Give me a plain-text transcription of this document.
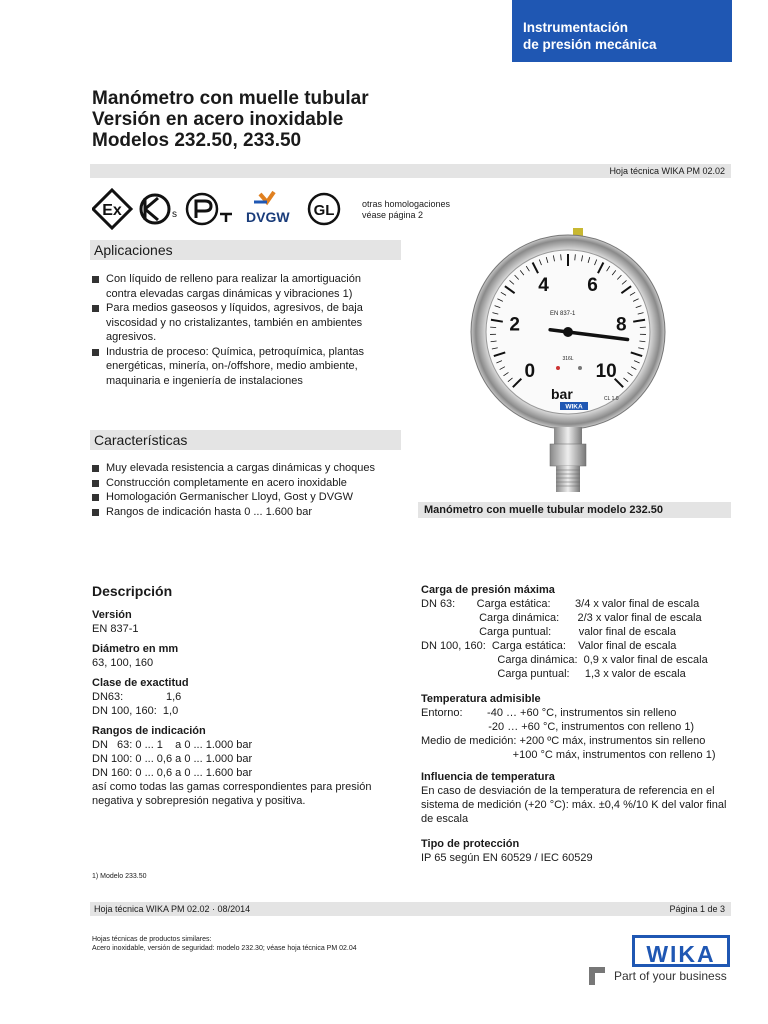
Instrumentación
de presión mecánica
Manómetro con muelle tubular
Versión en acero inoxidable
Modelos 232.50, 233.50
Hoja técnica WIKA PM 02.02
Ex	s	DVGW GL	otras homologaciones
véase página 2
Aplicaciones
Con líquido de relleno para realizar la amortiguación contra elevadas cargas dinámicas y vibraciones 1)
Para medios gaseosos y líquidos, agresivos, de baja viscosidad y no cristalizantes, también en ambientes agresivos.
Industria de proceso: Química, petroquímica, plantas energéticas, minería, on-/offshore, medio ambiente, maquinaria e ingeniería de instalaciones
Características
Muy elevada resistencia a cargas dinámicas y choques
Construcción completamente en acero inoxidable
Homologación Germanischer Lloyd, Gost y DVGW
Rangos de indicación hasta 0 ... 1.600 bar
0
2
4 6
8
10
EN 837-1
316L
bar	CL 1.0
WIKA
Manómetro con muelle tubular modelo 232.50
Descripción
Versión
EN 837-1
Diámetro en mm
63, 100, 160
Clase de exactitud
DN63:              1,6
DN 100, 160:  1,0
Rangos de indicación
DN   63: 0 ... 1    a 0 ... 1.000 bar
DN 100: 0 ... 0,6 a 0 ... 1.000 bar
DN 160: 0 ... 0,6 a 0 ... 1.600 bar
así como todas las gamas correspondientes para presión negativa y sobrepresión negativa y positiva.
Carga de presión máxima
DN 63:       Carga estática:        3/4 x valor final de escala
Carga dinámica:      2/3 x valor final de escala
Carga puntual:         valor final de escala
DN 100, 160:  Carga estática:    Valor final de escala
Carga dinámica:  0,9 x valor final de escala
Carga puntual:     1,3 x valor de escala
Temperatura admisible
Entorno:        -40 … +60 °C, instrumentos sin relleno
-20 … +60 °C, instrumentos con relleno 1)
Medio de medición: +200 ºC máx, instrumentos sin relleno
+100 °C máx, instrumentos con relleno 1)
Influencia de temperatura
En caso de desviación de la temperatura de referencia en el sistema de medición (+20 °C): máx. ±0,4 %/10 K del valor final de escala
Tipo de protección
IP 65 según EN 60529 / IEC 60529
1) Modelo 233.50
Hoja técnica WIKA PM 02.02 · 08/2014	Página 1 de 3
Hojas técnicas de productos similares:
Acero inoxidable, versión de seguridad: modelo 232.30; véase hoja técnica PM 02.04	WIKA
Part of your business
